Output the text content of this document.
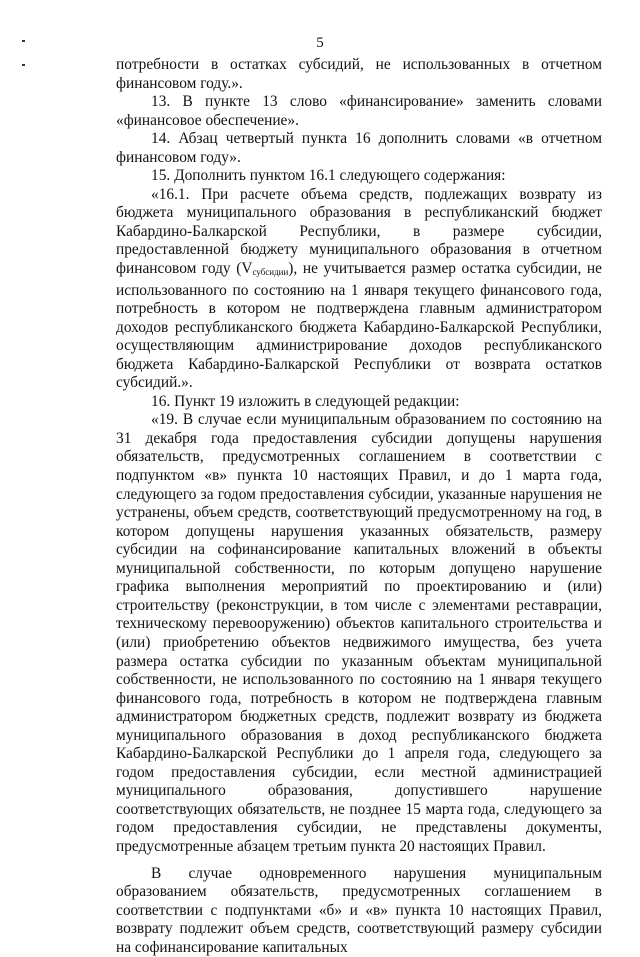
5

потребности в остатках субсидий, не использованных в отчетном финансовом году.».

13. В пункте 13 слово «финансирование» заменить словами «финансовое обеспечение».

14. Абзац четвертый пункта 16 дополнить словами «в отчетном финансовом году».

15. Дополнить пунктом 16.1 следующего содержания:

«16.1. При расчете объема средств, подлежащих возврату из бюджета муниципального образования в республиканский бюджет Кабардино-Балкарской Республики, в размере субсидии, предоставленной бюджету муниципального образования в отчетном финансовом году $(V_{субсидии})$, не учитывается размер остатка субсидии, не использованного по состоянию на 1 января текущего финансового года, потребность в котором не подтверждена главным администратором доходов республиканского бюджета Кабардино-Балкарской Республики, осуществляющим администрирование доходов республиканского бюджета Кабардино-Балкарской Республики от возврата остатков субсидий.».

16. Пункт 19 изложить в следующей редакции:

«19. В случае если муниципальным образованием по состоянию на 31 декабря года предоставления субсидии допущены нарушения обязательств, предусмотренных соглашением в соответствии с подпунктом «в» пункта 10 настоящих Правил, и до 1 марта года, следующего за годом предоставления субсидии, указанные нарушения не устранены, объем средств, соответствующий предусмотренному на год, в котором допущены нарушения указанных обязательств, размеру субсидии на софинансирование капитальных вложений в объекты муниципальной собственности, по которым допущено нарушение графика выполнения мероприятий по проектированию и (или) строительству (реконструкции, в том числе с элементами реставрации, техническому перевооружению) объектов капитального строительства и (или) приобретению объектов недвижимого имущества, без учета размера остатка субсидии по указанным объектам муниципальной собственности, не использованного по состоянию на 1 января текущего финансового года, потребность в котором не подтверждена главным администратором бюджетных средств, подлежит возврату из бюджета муниципального образования в доход республиканского бюджета Кабардино-Балкарской Республики до 1 апреля года, следующего за годом предоставления субсидии, если местной администрацией муниципального образования, допустившего нарушение соответствующих обязательств, не позднее 15 марта года, следующего за годом предоставления субсидии, не представлены документы, предусмотренные абзацем третьим пункта 20 настоящих Правил.

В случае одновременного нарушения муниципальным образованием обязательств, предусмотренных соглашением в соответствии с подпунктами «б» и «в» пункта 10 настоящих Правил, возврату подлежит объем средств, соответствующий размеру субсидии на софинансирование капитальных
